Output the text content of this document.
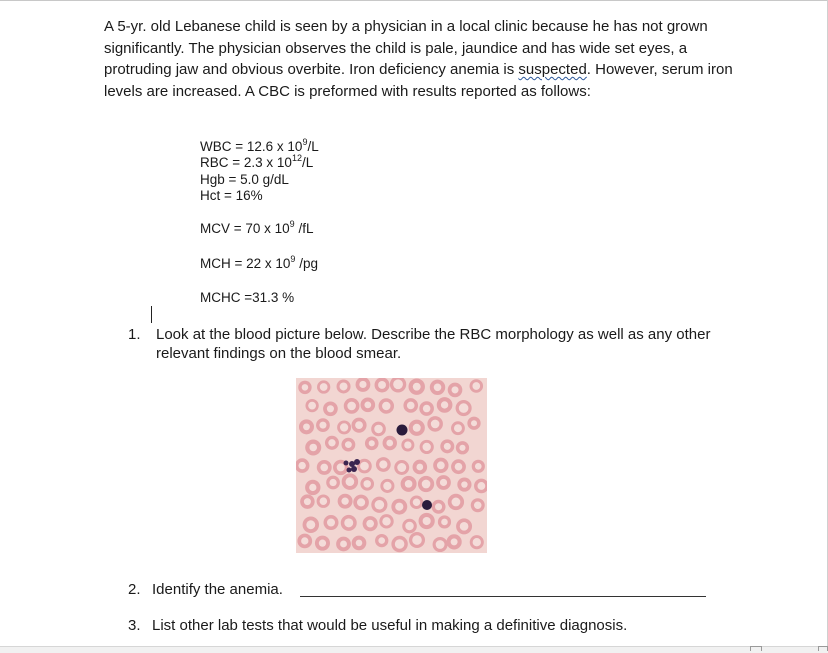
A 5-yr. old Lebanese child is seen by a physician in a local clinic because he has not grown significantly. The physician observes the child is pale, jaundice and has wide set eyes, a protruding jaw and obvious overbite. Iron deficiency anemia is suspected. However, serum iron levels are increased. A CBC is preformed with results reported as follows:

WBC = 12.6 x $10^9/L$

RBC = 2.3 x $10^{12}/L$

Hgb = 5.0 g/dL

Hct = 16%

MCV = 70 x $10^9$ /fL

MCH = 22 x $10^9$ /pg

MCHC =31.3 %

1. Look at the blood picture below. Describe the RBC morphology as well as any other relevant findings on the blood smear.
2. Identify the anemia.
3. List other lab tests that would be useful in making a definitive diagnosis.
